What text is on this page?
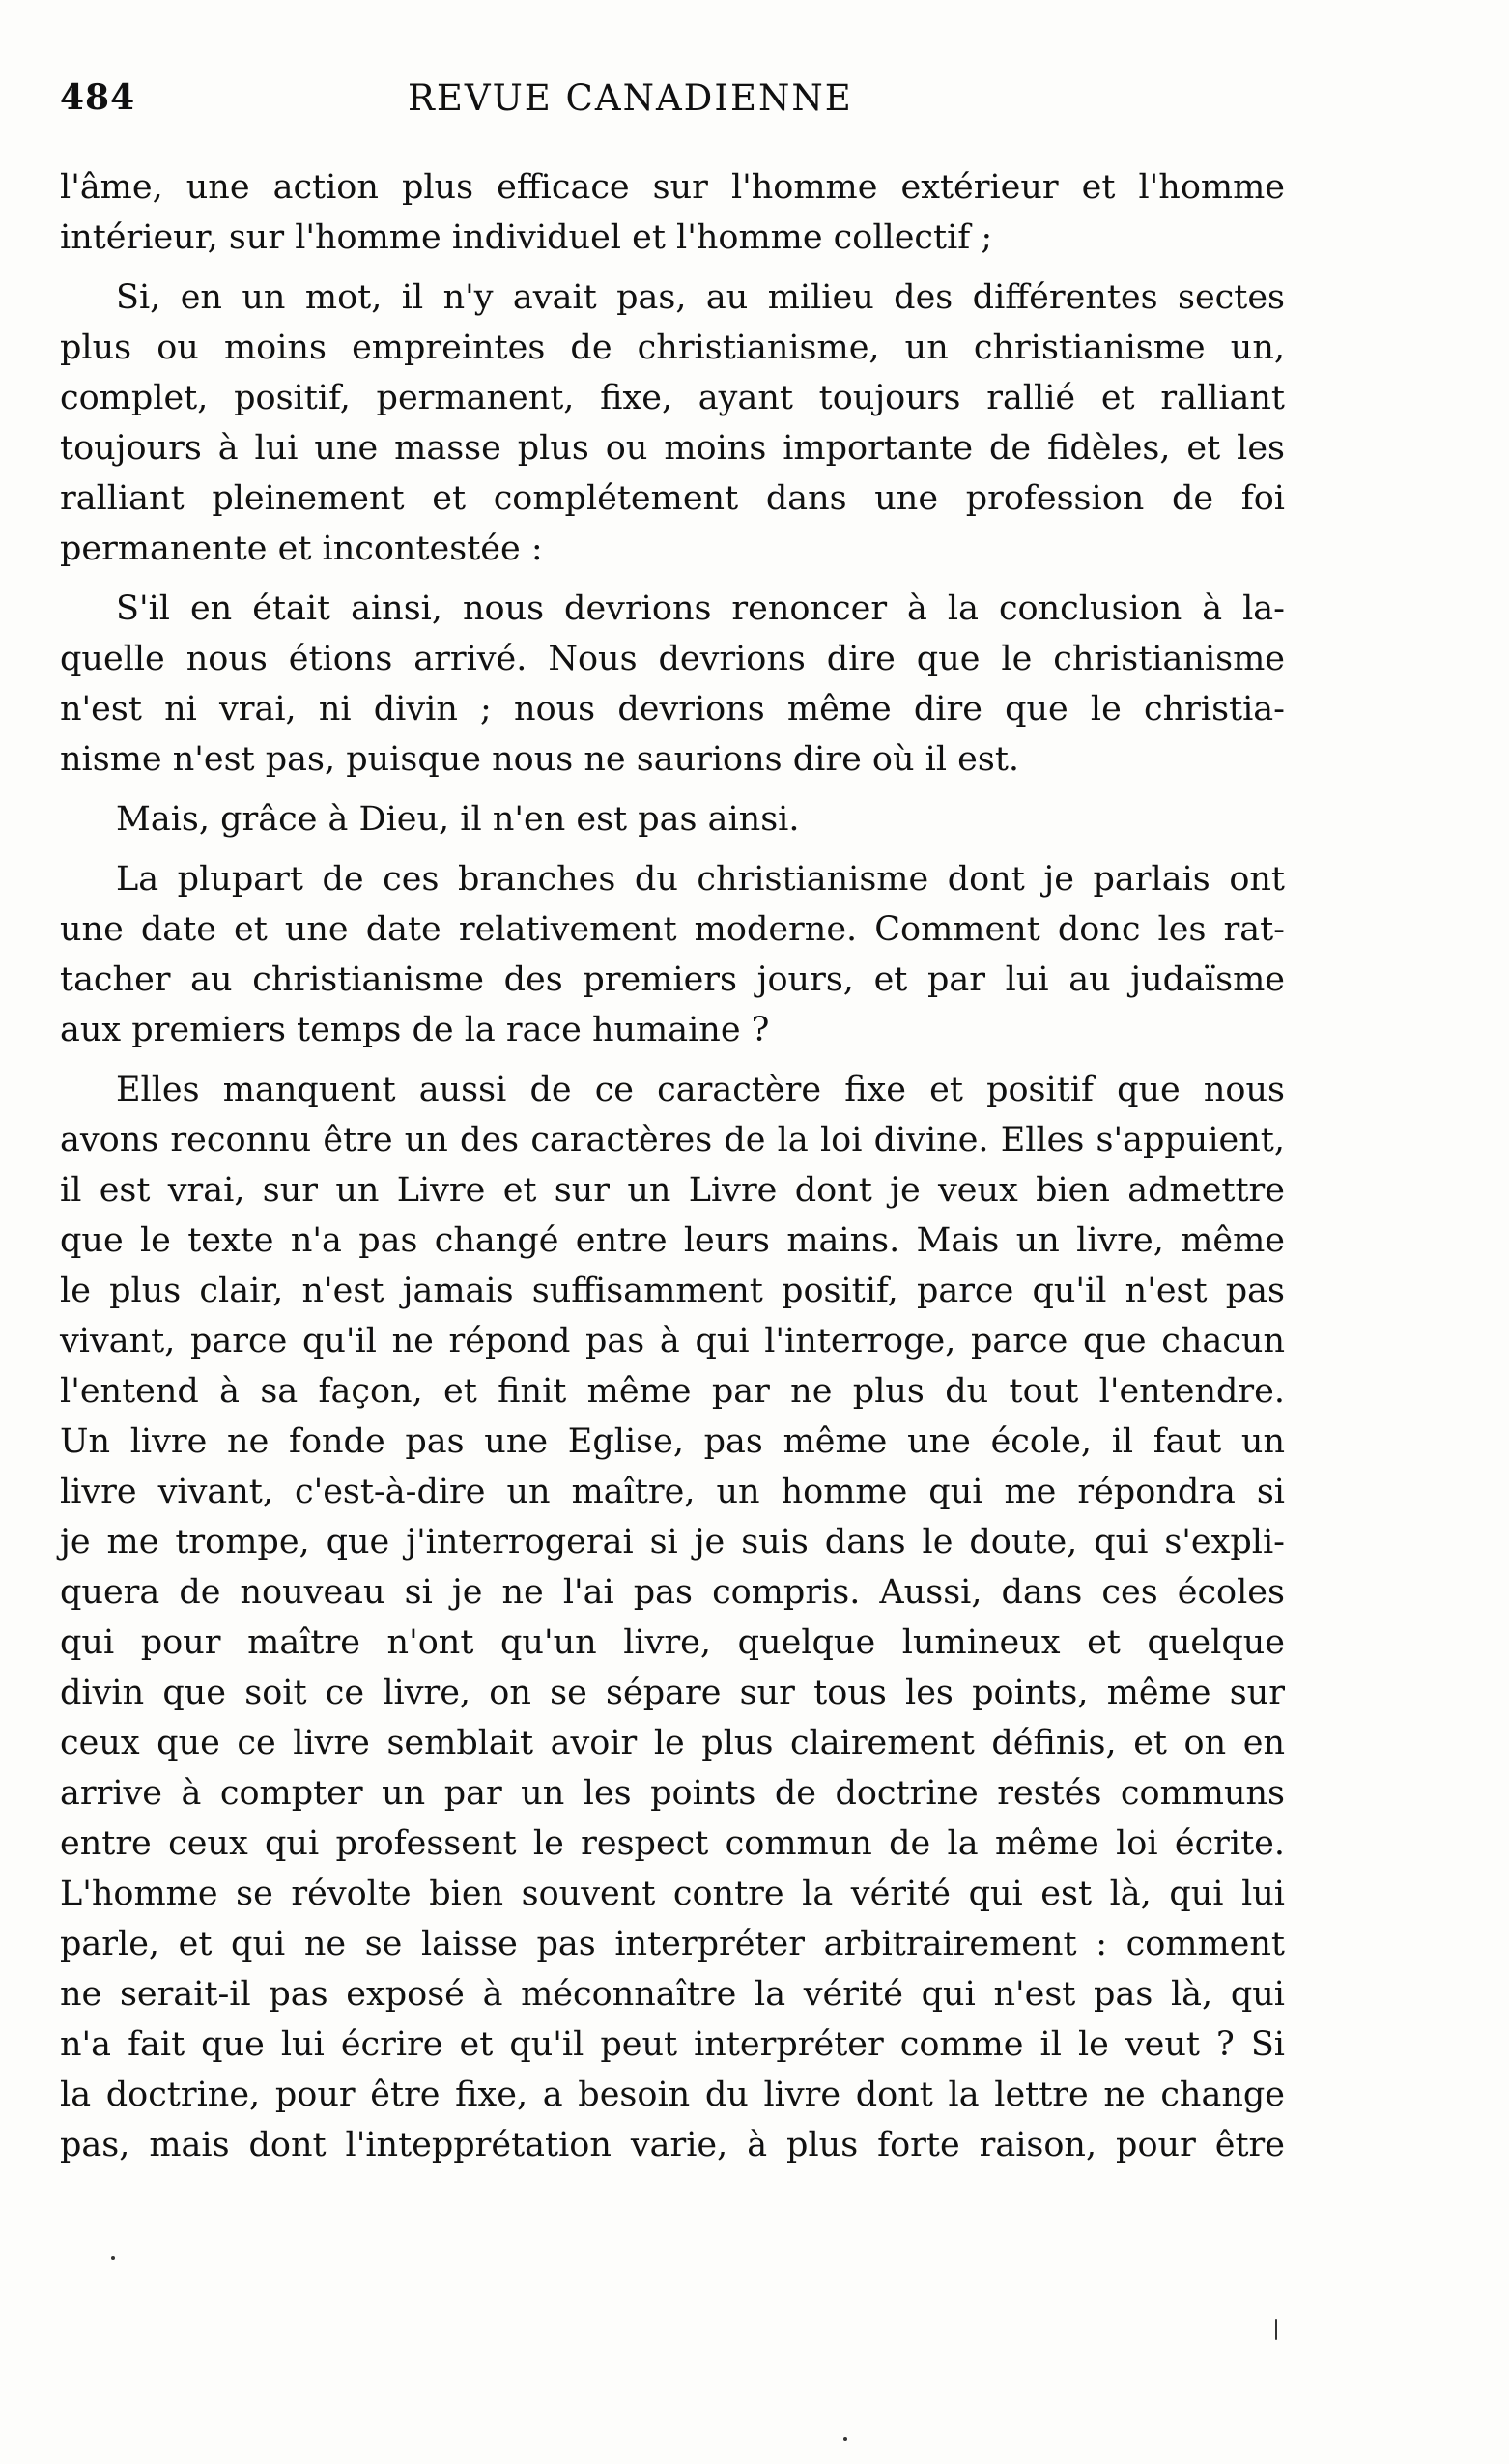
484	REVUE CANADIENNE
l'âme, une action plus efficace sur l'homme extérieur et l'homme
intérieur, sur l'homme individuel et l'homme collectif ;
Si, en un mot, il n'y avait pas, au milieu des différentes sectes
plus ou moins empreintes de christianisme, un christianisme un,
complet, positif, permanent, fixe, ayant toujours rallié et ralliant
toujours à lui une masse plus ou moins importante de fidèles, et les
ralliant pleinement et complétement dans une profession de foi
permanente et incontestée :
S'il en était ainsi, nous devrions renoncer à la conclusion à la-
quelle nous étions arrivé. Nous devrions dire que le christianisme
n'est ni vrai, ni divin ; nous devrions même dire que le christia-
nisme n'est pas, puisque nous ne saurions dire où il est.
Mais, grâce à Dieu, il n'en est pas ainsi.
La plupart de ces branches du christianisme dont je parlais ont
une date et une date relativement moderne. Comment donc les rat-
tacher au christianisme des premiers jours, et par lui au judaïsme
aux premiers temps de la race humaine ?
Elles manquent aussi de ce caractère fixe et positif que nous
avons reconnu être un des caractères de la loi divine. Elles s'appuient,
il est vrai, sur un Livre et sur un Livre dont je veux bien admettre
que le texte n'a pas changé entre leurs mains. Mais un livre, même
le plus clair, n'est jamais suffisamment positif, parce qu'il n'est pas
vivant, parce qu'il ne répond pas à qui l'interroge, parce que chacun
l'entend à sa façon, et finit même par ne plus du tout l'entendre.
Un livre ne fonde pas une Eglise, pas même une école, il faut un
livre vivant, c'est-à-dire un maître, un homme qui me répondra si
je me trompe, que j'interrogerai si je suis dans le doute, qui s'expli-
quera de nouveau si je ne l'ai pas compris. Aussi, dans ces écoles
qui pour maître n'ont qu'un livre, quelque lumineux et quelque
divin que soit ce livre, on se sépare sur tous les points, même sur
ceux que ce livre semblait avoir le plus clairement définis, et on en
arrive à compter un par un les points de doctrine restés communs
entre ceux qui professent le respect commun de la même loi écrite.
L'homme se révolte bien souvent contre la vérité qui est là, qui lui
parle, et qui ne se laisse pas interpréter arbitrairement : comment
ne serait-il pas exposé à méconnaître la vérité qui n'est pas là, qui
n'a fait que lui écrire et qu'il peut interpréter comme il le veut ? Si
la doctrine, pour être fixe, a besoin du livre dont la lettre ne change
pas, mais dont l'intepprétation varie, à plus forte raison, pour être
